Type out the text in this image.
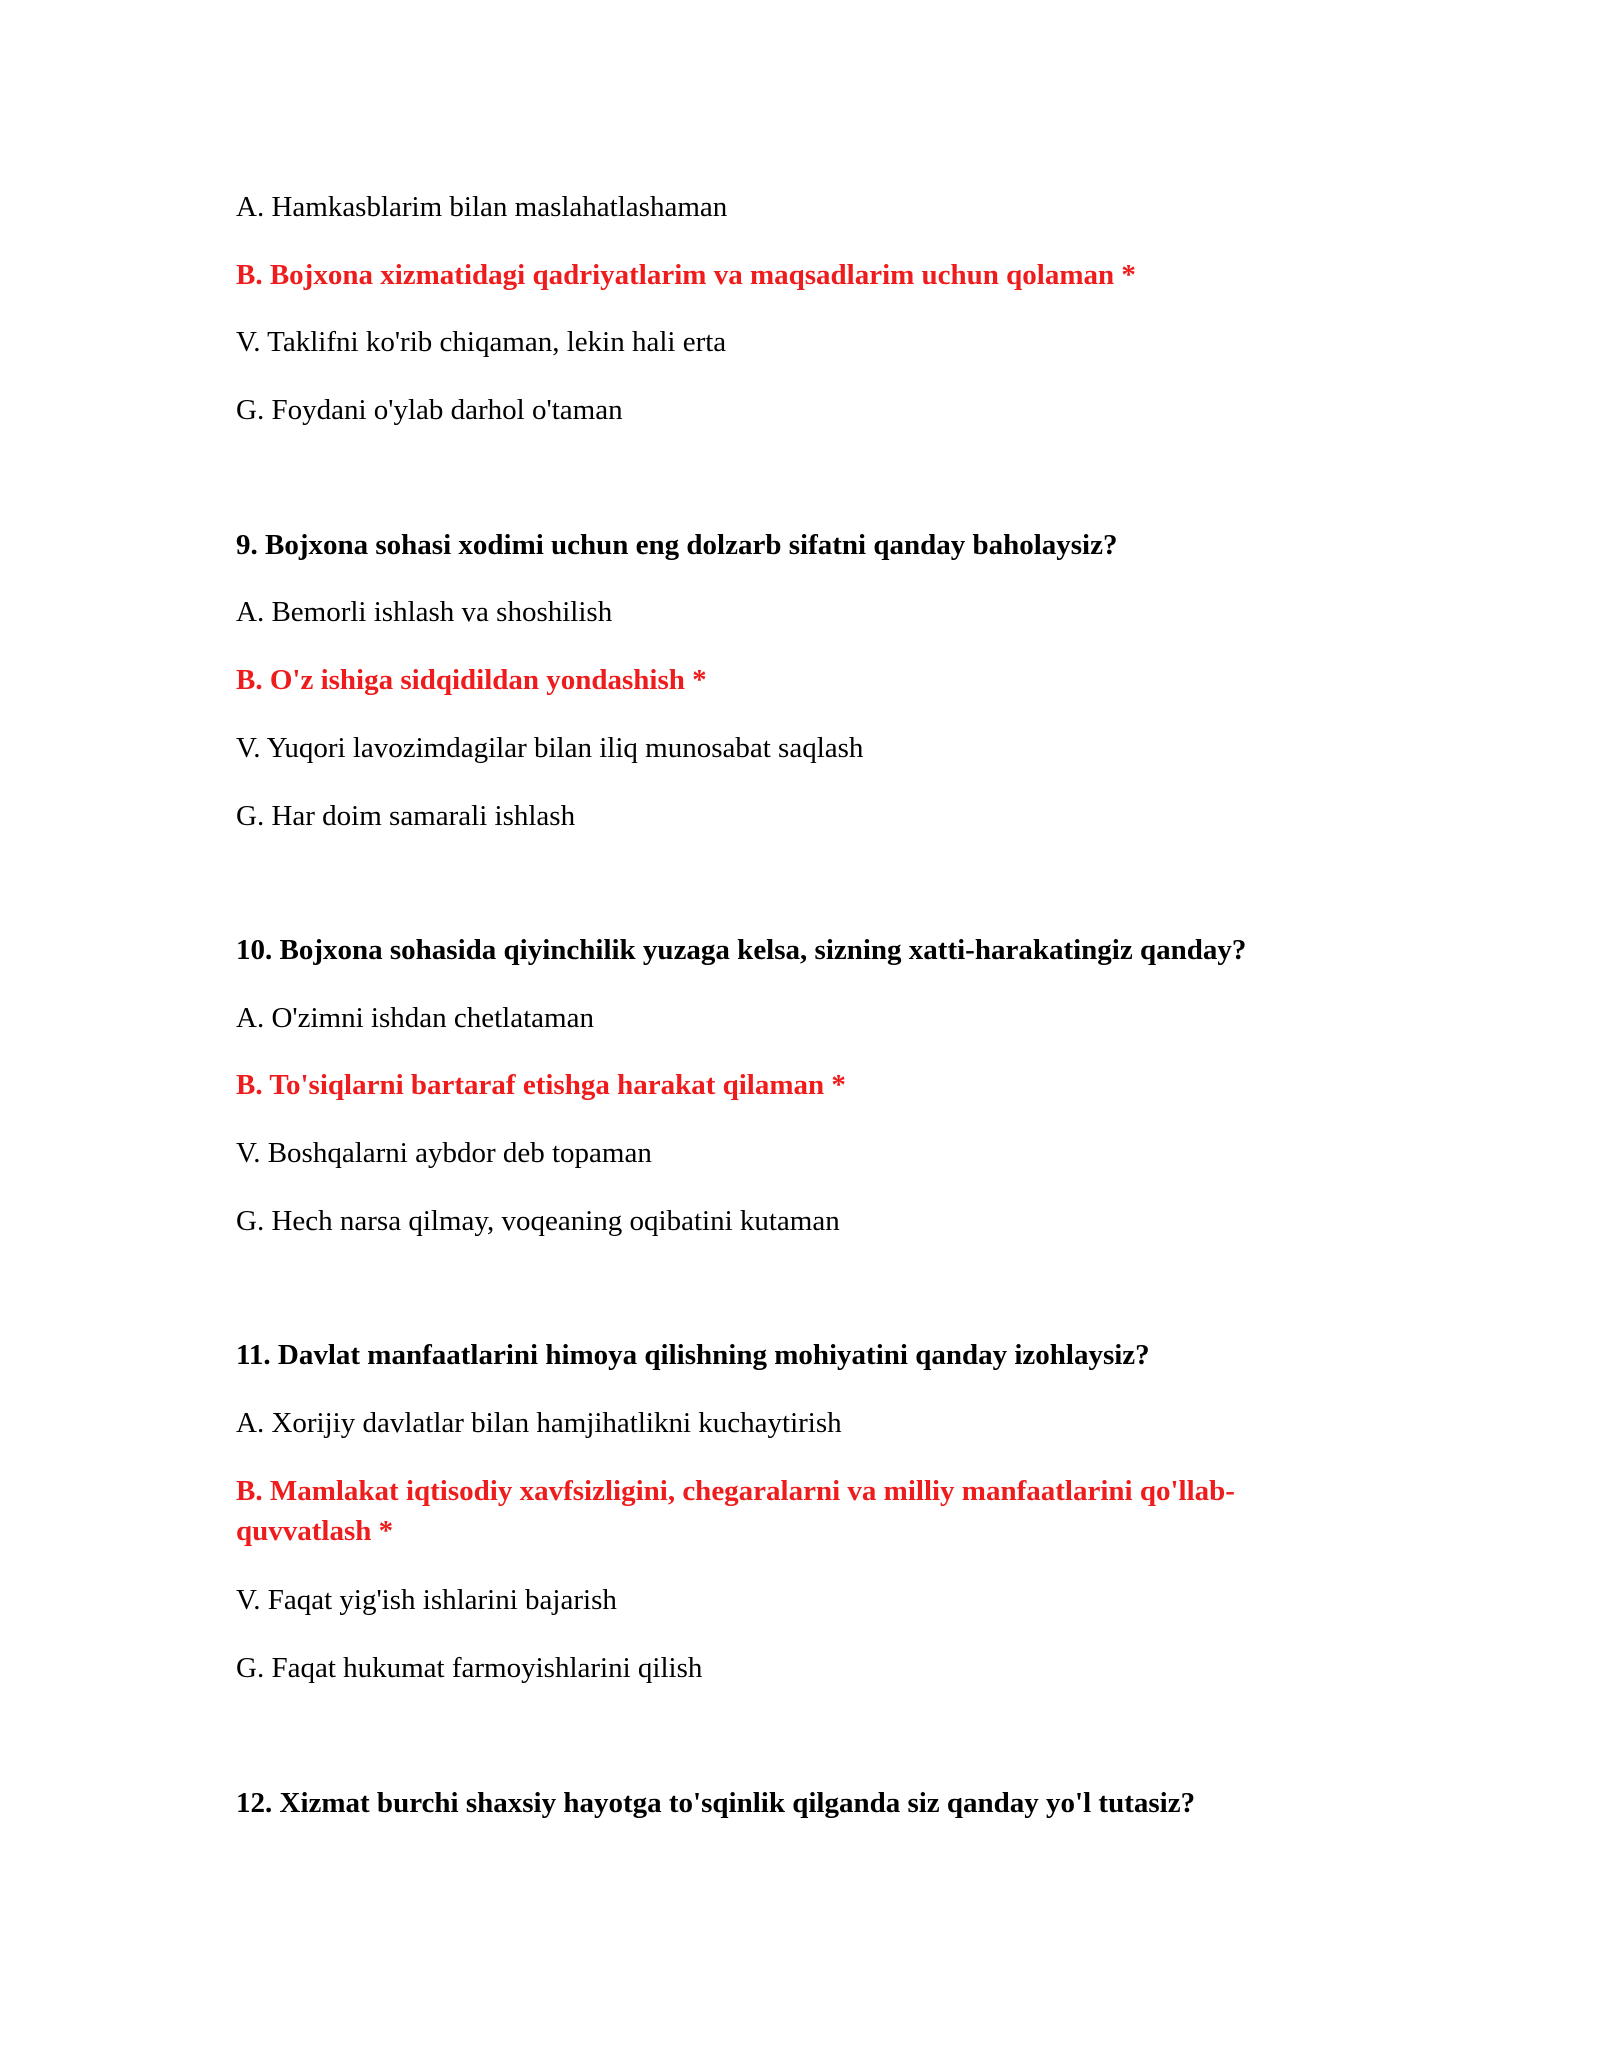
A. Hamkasblarim bilan maslahatlashaman
B. Bojxona xizmatidagi qadriyatlarim va maqsadlarim uchun qolaman *
V. Taklifni ko'rib chiqaman, lekin hali erta
G. Foydani o'ylab darhol o'taman
9. Bojxona sohasi xodimi uchun eng dolzarb sifatni qanday baholaysiz?
A. Bemorli ishlash va shoshilish
B. O'z ishiga sidqidildan yondashish *
V. Yuqori lavozimdagilar bilan iliq munosabat saqlash
G. Har doim samarali ishlash
10. Bojxona sohasida qiyinchilik yuzaga kelsa, sizning xatti-harakatingiz qanday?
A. O'zimni ishdan chetlataman
B. To'siqlarni bartaraf etishga harakat qilaman *
V. Boshqalarni aybdor deb topaman
G. Hech narsa qilmay, voqeaning oqibatini kutaman
11. Davlat manfaatlarini himoya qilishning mohiyatini qanday izohlaysiz?
A. Xorijiy davlatlar bilan hamjihatlikni kuchaytirish
B. Mamlakat iqtisodiy xavfsizligini, chegaralarni va milliy manfaatlarini qo'llab-quvvatlash *
V. Faqat yig'ish ishlarini bajarish
G. Faqat hukumat farmoyishlarini qilish
12. Xizmat burchi shaxsiy hayotga to'sqinlik qilganda siz qanday yo'l tutasiz?
